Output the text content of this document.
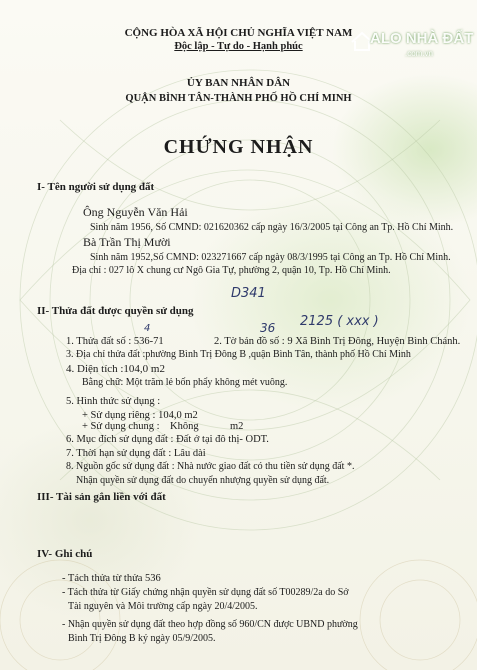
ALO NHÀ ĐẤT
.com.vn
CỘNG HÒA XÃ HỘI CHỦ NGHĨA VIỆT NAM
Độc lập - Tự do - Hạnh phúc
ỦY BAN NHÂN DÂN
QUẬN BÌNH TÂN-THÀNH PHỐ HỒ CHÍ MINH
CHỨNG NHẬN
I- Tên người sử dụng đất
Ông Nguyễn Văn Hải
Sinh năm 1956, Số CMND: 021620362 cấp ngày 16/3/2005 tại Công an Tp. Hồ Chí Minh.
Bà Trần Thị Mười
Sinh năm 1952,Số CMND: 023271667 cấp ngày 08/3/1995 tại Công an Tp. Hồ Chí Minh.
Địa chỉ : 027 lô X chung cư Ngô Gia Tự, phường 2, quận 10, Tp. Hồ Chí Minh.
D341
II- Thửa đất được quyền sử dụng
36 2125 ( xxx )
4
1. Thửa đất số : 536-71	2. Tờ bản đồ số : 9 Xã Bình Trị Đông, Huyện Bình Chánh.
3. Địa chỉ thửa đất :phường Bình Trị Đông B ,quận Bình Tân, thành phố Hồ Chí Minh
4. Diện tích :104,0 m2
Bằng chữ: Một trăm lẻ bốn phẩy không mét vuông.
5. Hình thức sử dụng :
+ Sử dụng riêng : 104,0 m2
+ Sử dụng chung : Không	m2
6. Mục đích sử dụng đất : Đất ở tại đô thị- ODT.
7. Thời hạn sử dụng đất : Lâu dài
8. Nguồn gốc sử dụng đất : Nhà nước giao đất có thu tiền sử dụng đất *.
Nhận quyền sử dụng đất do chuyển nhượng quyền sử dụng đất.
III- Tài sản gắn liền với đất
IV- Ghi chú
- Tách thửa từ thửa 536
- Tách thửa từ Giấy chứng nhận quyền sử dụng đất số T00289/2a do Sở
Tài nguyên và Môi trường cấp ngày 20/4/2005.
- Nhận quyền sử dụng đất theo hợp đồng số 960/CN được UBND phường
Bình Trị Đông B ký ngày 05/9/2005.
